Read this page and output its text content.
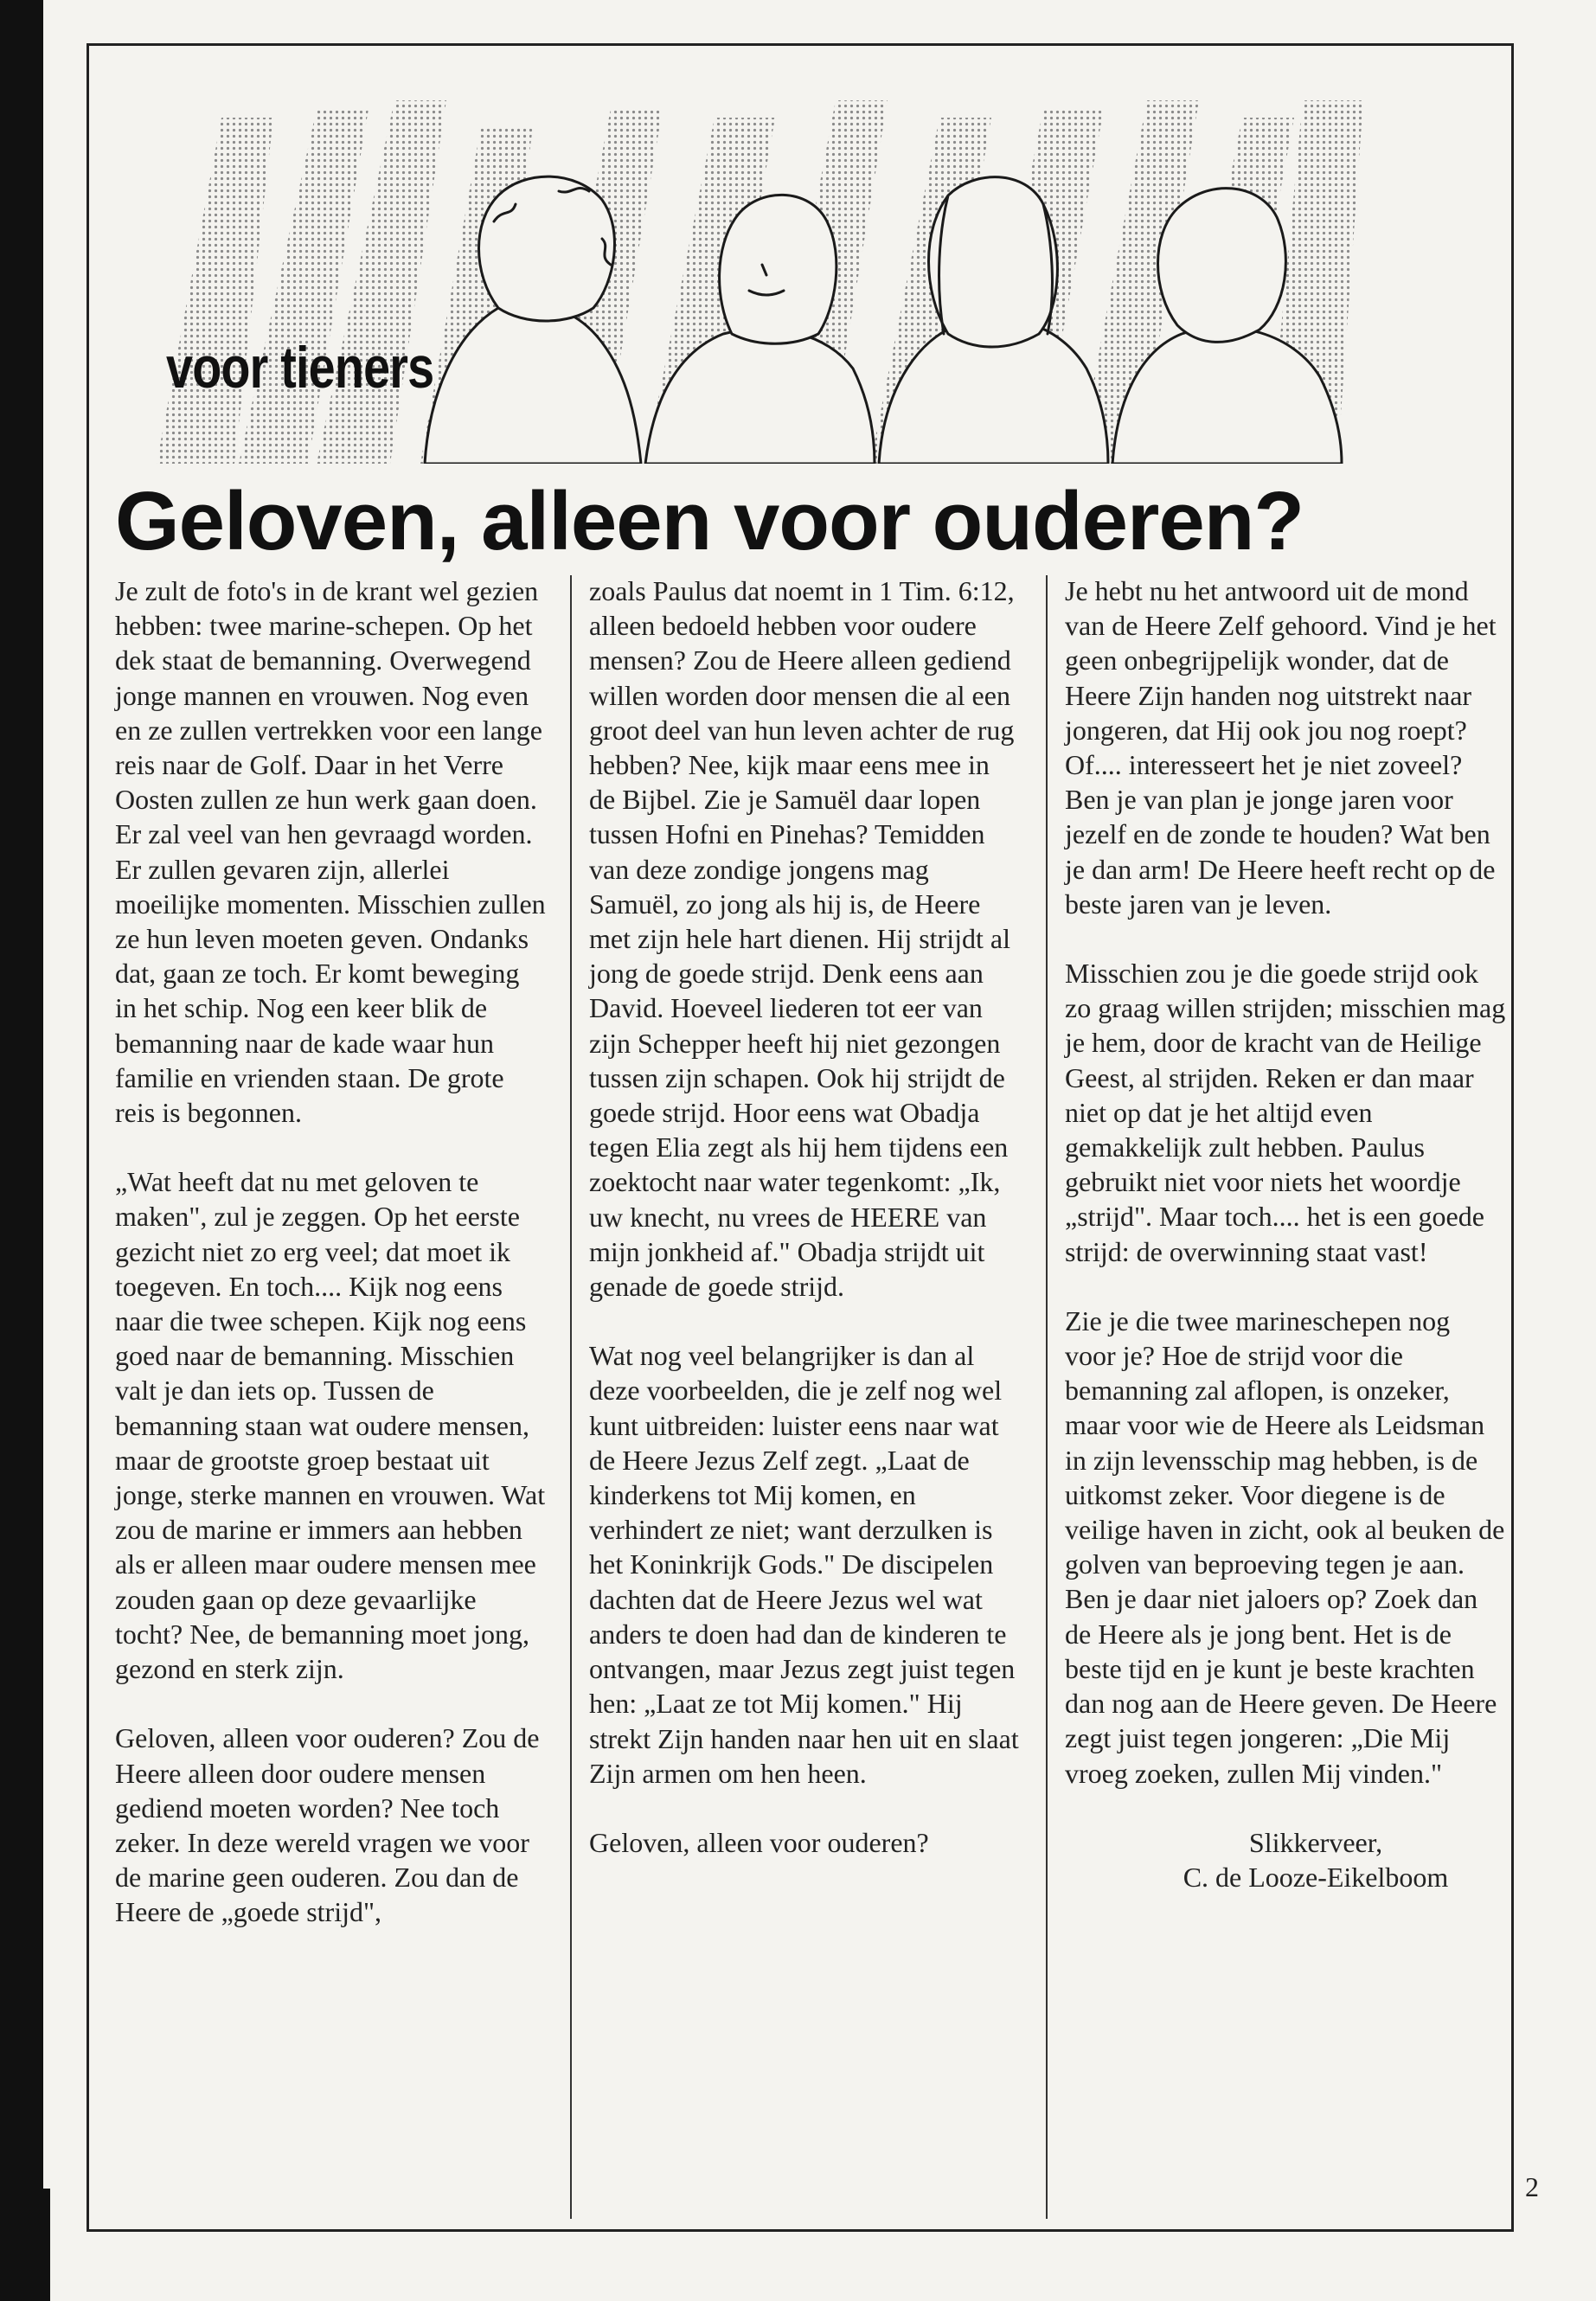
voor tieners
Geloven, alleen voor ouderen?

Je zult de foto's in de krant wel gezien hebben: twee marine-schepen. Op het dek staat de bemanning. Overwegend jonge mannen en vrouwen. Nog even en ze zullen vertrekken voor een lange reis naar de Golf. Daar in het Verre Oosten zullen ze hun werk gaan doen. Er zal veel van hen gevraagd worden. Er zullen gevaren zijn, allerlei moeilijke momenten. Misschien zullen ze hun leven moeten geven. Ondanks dat, gaan ze toch. Er komt beweging in het schip. Nog een keer blik de bemanning naar de kade waar hun familie en vrienden staan. De grote reis is begonnen.

„Wat heeft dat nu met geloven te maken", zul je zeggen. Op het eerste gezicht niet zo erg veel; dat moet ik toegeven. En toch.... Kijk nog eens naar die twee schepen. Kijk nog eens goed naar de bemanning. Misschien valt je dan iets op. Tussen de bemanning staan wat oudere mensen, maar de grootste groep bestaat uit jonge, sterke mannen en vrouwen. Wat zou de marine er immers aan hebben als er alleen maar oudere mensen mee zouden gaan op deze gevaarlijke tocht? Nee, de bemanning moet jong, gezond en sterk zijn.

Geloven, alleen voor ouderen? Zou de Heere alleen door oudere mensen gediend moeten worden? Nee toch zeker. In deze wereld vragen we voor de marine geen ouderen. Zou dan de Heere de „goede strijd",

zoals Paulus dat noemt in 1 Tim. 6:12, alleen bedoeld hebben voor oudere mensen? Zou de Heere alleen gediend willen worden door mensen die al een groot deel van hun leven achter de rug hebben? Nee, kijk maar eens mee in de Bijbel. Zie je Samuël daar lopen tussen Hofni en Pinehas? Temidden van deze zondige jongens mag Samuël, zo jong als hij is, de Heere met zijn hele hart dienen. Hij strijdt al jong de goede strijd. Denk eens aan David. Hoeveel liederen tot eer van zijn Schepper heeft hij niet gezongen tussen zijn schapen. Ook hij strijdt de goede strijd. Hoor eens wat Obadja tegen Elia zegt als hij hem tijdens een zoektocht naar water tegenkomt: „Ik, uw knecht, nu vrees de HEERE van mijn jonkheid af." Obadja strijdt uit genade de goede strijd.

Wat nog veel belangrijker is dan al deze voorbeelden, die je zelf nog wel kunt uitbreiden: luister eens naar wat de Heere Jezus Zelf zegt. „Laat de kinderkens tot Mij komen, en verhindert ze niet; want derzulken is het Koninkrijk Gods." De discipelen dachten dat de Heere Jezus wel wat anders te doen had dan de kinderen te ontvangen, maar Jezus zegt juist tegen hen: „Laat ze tot Mij komen." Hij strekt Zijn handen naar hen uit en slaat Zijn armen om hen heen.

Geloven, alleen voor ouderen?

Je hebt nu het antwoord uit de mond van de Heere Zelf gehoord. Vind je het geen onbegrijpelijk wonder, dat de Heere Zijn handen nog uitstrekt naar jongeren, dat Hij ook jou nog roept? Of.... interesseert het je niet zoveel? Ben je van plan je jonge jaren voor jezelf en de zonde te houden? Wat ben je dan arm! De Heere heeft recht op de beste jaren van je leven.

Misschien zou je die goede strijd ook zo graag willen strijden; misschien mag je hem, door de kracht van de Heilige Geest, al strijden. Reken er dan maar niet op dat je het altijd even gemakkelijk zult hebben. Paulus gebruikt niet voor niets het woordje „strijd". Maar toch.... het is een goede strijd: de overwinning staat vast!

Zie je die twee marineschepen nog voor je? Hoe de strijd voor die bemanning zal aflopen, is onzeker, maar voor wie de Heere als Leidsman in zijn levensschip mag hebben, is de uitkomst zeker. Voor diegene is de veilige haven in zicht, ook al beuken de golven van beproeving tegen je aan. Ben je daar niet jaloers op? Zoek dan de Heere als je jong bent. Het is de beste tijd en je kunt je beste krachten dan nog aan de Heere geven. De Heere zegt juist tegen jongeren: „Die Mij vroeg zoeken, zullen Mij vinden."

Slikkerveer,
C. de Looze-Eikelboom
2
